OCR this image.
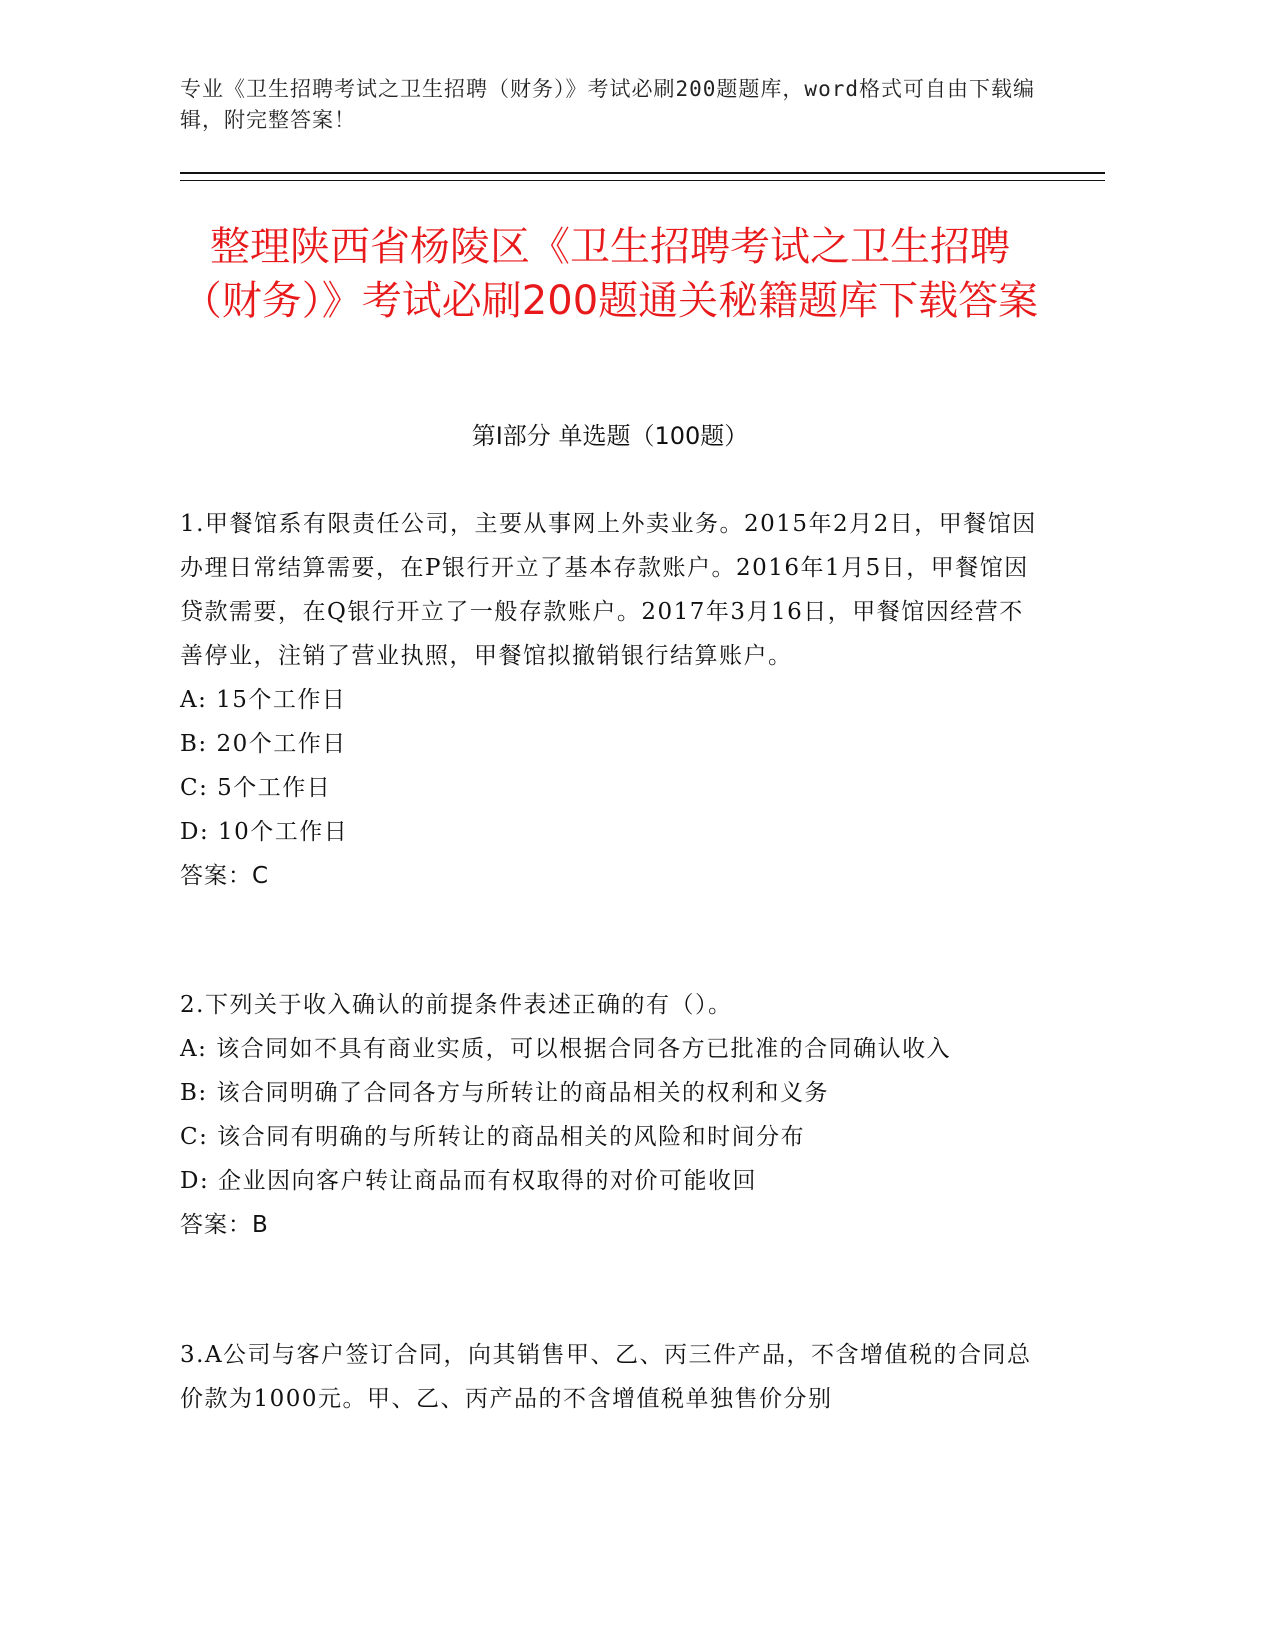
专业《卫生招聘考试之卫生招聘（财务）》考试必刷200题题库，word格式可自由下载编辑，附完整答案！
整理陕西省杨陵区《卫生招聘考试之卫生招聘（财务）》考试必刷200题通关秘籍题库下载答案
第Ⅰ部分 单选题（100题）

1.甲餐馆系有限责任公司，主要从事网上外卖业务。2015年2月2日，甲餐馆因办理日常结算需要，在P银行开立了基本存款账户。2016年1月5日，甲餐馆因贷款需要，在Q银行开立了一般存款账户。2017年3月16日，甲餐馆因经营不善停业，注销了营业执照，甲餐馆拟撤销银行结算账户。

A: 15个工作日

B: 20个工作日

C: 5个工作日

D: 10个工作日

答案：C

2.下列关于收入确认的前提条件表述正确的有（）。

A: 该合同如不具有商业实质，可以根据合同各方已批准的合同确认收入

B: 该合同明确了合同各方与所转让的商品相关的权利和义务

C: 该合同有明确的与所转让的商品相关的风险和时间分布

D: 企业因向客户转让商品而有权取得的对价可能收回

答案：B

3.A公司与客户签订合同，向其销售甲、乙、丙三件产品，不含增值税的合同总价款为1000元。甲、乙、丙产品的不含增值税单独售价分别
